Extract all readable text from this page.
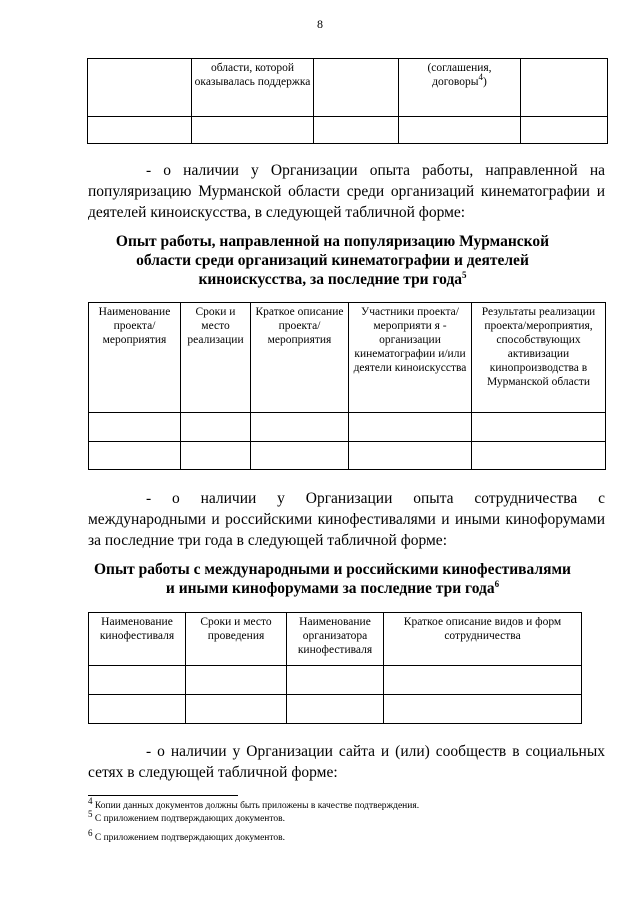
8
	области, которой оказывалась поддержка		(соглашения, договоры$^4$)	

- о наличии у Организации опыта работы, направленной на популяризацию Мурманской области среди организаций кинематографии и деятелей киноискусства, в следующей табличной форме:
Опыт работы, направленной на популяризацию Мурманской
области среди организаций кинематографии и деятелей
киноискусства, за последние три года$^5$
Наименование проекта/ мероприятия	Сроки и место реализации	Краткое описание проекта/ мероприятия	Участники проекта/мероприяти я - организации кинематографии и/или деятели киноискусства	Результаты реализации проекта/мероприятия, способствующих активизации кинопроизводства в Мурманской области

- о наличии у Организации опыта сотрудничества с международными и российскими кинофестивалями и иными кинофорумами за последние три года в следующей табличной форме:
Опыт работы с международными и российскими кинофестивалями
и иными кинофорумами за последние три года$^6$
Наименование кинофестиваля	Сроки и место проведения	Наименование организатора кинофестиваля	Краткое описание видов и форм сотрудничества

- о наличии у Организации сайта и (или) сообществ в социальных сетях в следующей табличной форме:
$^4$ Копии данных документов должны быть приложены в качестве подтверждения.
$^5$ С приложением подтверждающих документов.
$^6$ С приложением подтверждающих документов.
